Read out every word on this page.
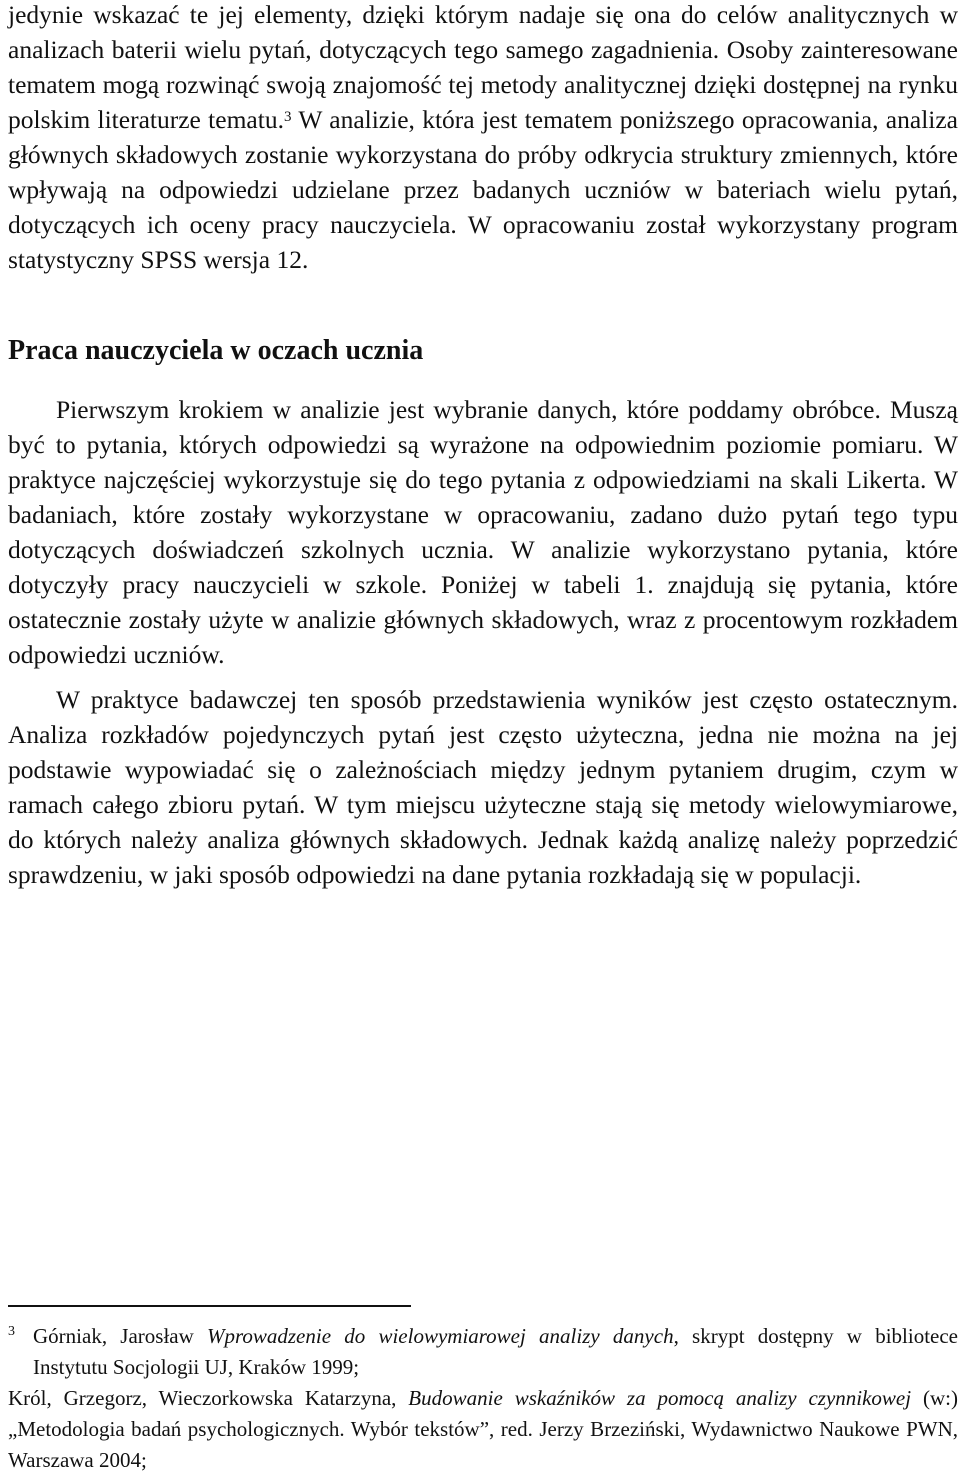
jedynie wskazać te jej elementy, dzięki którym nadaje się ona do celów analitycznych w analizach baterii wielu pytań, dotyczących tego samego zagadnienia. Osoby zainteresowane tematem mogą rozwinąć swoją znajomość tej metody analitycznej dzięki dostępnej na rynku polskim literaturze tematu.$^3$ W analizie, która jest tematem poniższego opracowania, analiza głównych składowych zostanie wykorzystana do próby odkrycia struktury zmiennych, które wpływają na odpowiedzi udzielane przez badanych uczniów w bateriach wielu pytań, dotyczących ich oceny pracy nauczyciela. W opracowaniu został wykorzystany program statystyczny SPSS wersja 12.

Praca nauczyciela w oczach ucznia

Pierwszym krokiem w analizie jest wybranie danych, które poddamy obróbce. Muszą być to pytania, których odpowiedzi są wyrażone na odpowiednim poziomie pomiaru. W praktyce najczęściej wykorzystuje się do tego pytania z odpowiedziami na skali Likerta. W badaniach, które zostały wykorzystane w opracowaniu, zadano dużo pytań tego typu dotyczących doświadczeń szkolnych ucznia. W analizie wykorzystano pytania, które dotyczyły pracy nauczycieli w szkole. Poniżej w tabeli 1. znajdują się pytania, które ostatecznie zostały użyte w analizie głównych składowych, wraz z procentowym rozkładem odpowiedzi uczniów.

W praktyce badawczej ten sposób przedstawienia wyników jest często ostatecznym. Analiza rozkładów pojedynczych pytań jest często użyteczna, jedna nie można na jej podstawie wypowiadać się o zależnościach między jednym pytaniem drugim, czym w ramach całego zbioru pytań. W tym miejscu użyteczne stają się metody wielowymiarowe, do których należy analiza głównych składowych. Jednak każdą analizę należy poprzedzić sprawdzeniu, w jaki sposób odpowiedzi na dane pytania rozkładają się w populacji.

3 Górniak, Jarosław Wprowadzenie do wielowymiarowej analizy danych, skrypt dostępny w bibliotece Instytutu Socjologii UJ, Kraków 1999;

Król, Grzegorz, Wieczorkowska Katarzyna, Budowanie wskaźników za pomocą analizy czynnikowej (w:) „Metodologia badań psychologicznych. Wybór tekstów”, red. Jerzy Brzeziński, Wydawnictwo Naukowe PWN, Warszawa 2004;
